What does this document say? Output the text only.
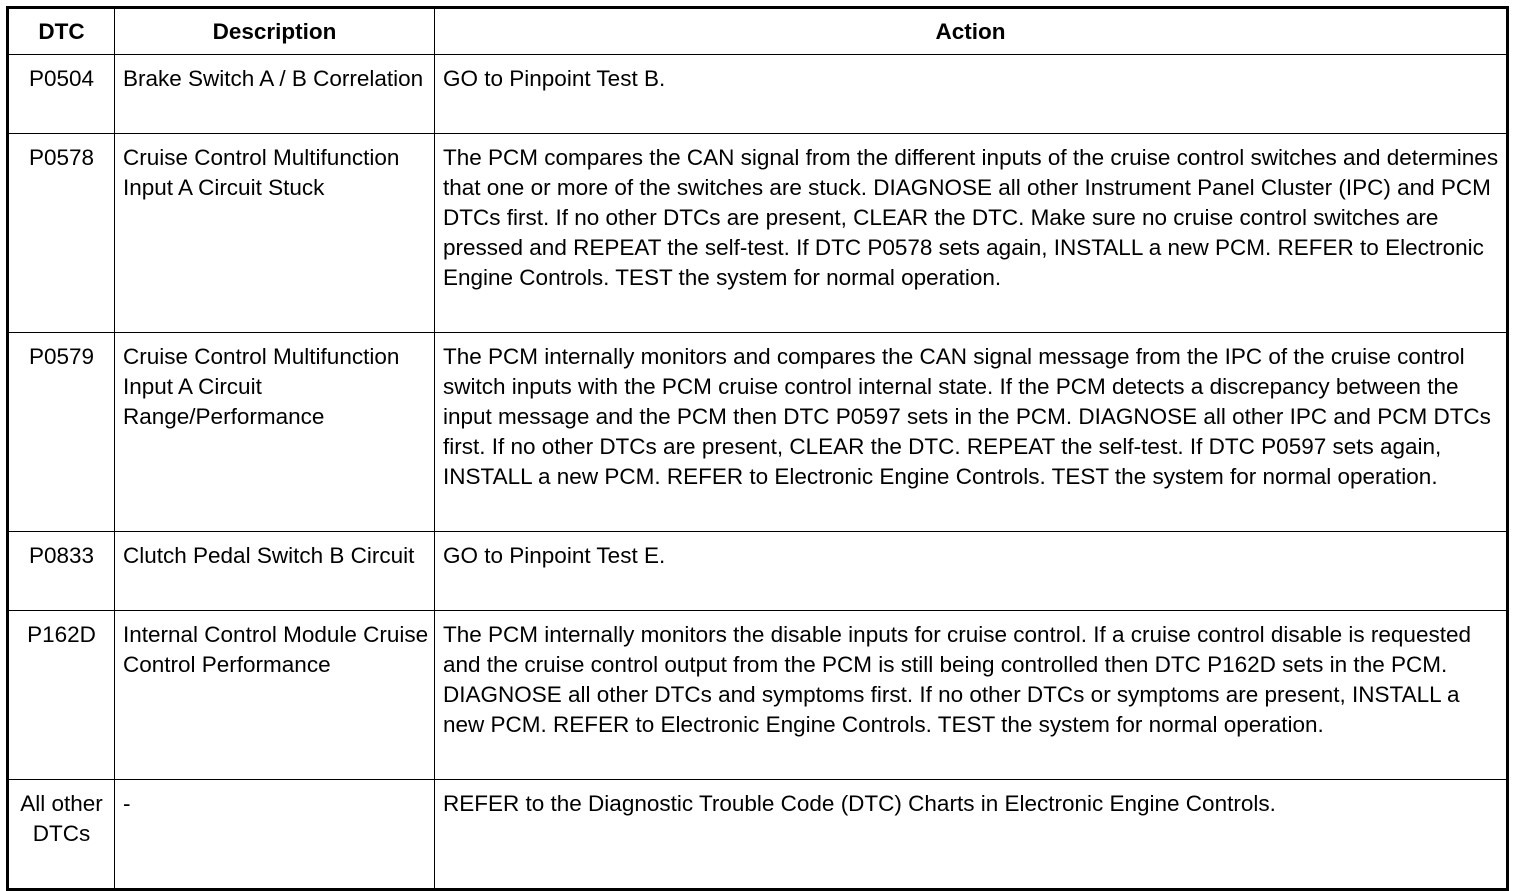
DTC	Description	Action
P0504	Brake Switch A / B Correlation	GO to Pinpoint Test B.
P0578	Cruise Control Multifunction Input A Circuit Stuck	The PCM compares the CAN signal from the different inputs of the cruise control switches and determines that one or more of the switches are stuck. DIAGNOSE all other Instrument Panel Cluster (IPC) and PCM DTCs first. If no other DTCs are present, CLEAR the DTC. Make sure no cruise control switches are pressed and REPEAT the self-test. If DTC P0578 sets again, INSTALL a new PCM. REFER to Electronic Engine Controls. TEST the system for normal operation.
P0579	Cruise Control Multifunction Input A Circuit Range/Performance	The PCM internally monitors and compares the CAN signal message from the IPC of the cruise control switch inputs with the PCM cruise control internal state. If the PCM detects a discrepancy between the input message and the PCM then DTC P0597 sets in the PCM. DIAGNOSE all other IPC and PCM DTCs first. If no other DTCs are present, CLEAR the DTC. REPEAT the self-test. If DTC P0597 sets again, INSTALL a new PCM. REFER to Electronic Engine Controls. TEST the system for normal operation.
P0833	Clutch Pedal Switch B Circuit	GO to Pinpoint Test E.
P162D	Internal Control Module Cruise Control Performance	The PCM internally monitors the disable inputs for cruise control. If a cruise control disable is requested and the cruise control output from the PCM is still being controlled then DTC P162D sets in the PCM. DIAGNOSE all other DTCs and symptoms first. If no other DTCs or symptoms are present, INSTALL a new PCM. REFER to Electronic Engine Controls. TEST the system for normal operation.
All other DTCs	-	REFER to the Diagnostic Trouble Code (DTC) Charts in Electronic Engine Controls.
